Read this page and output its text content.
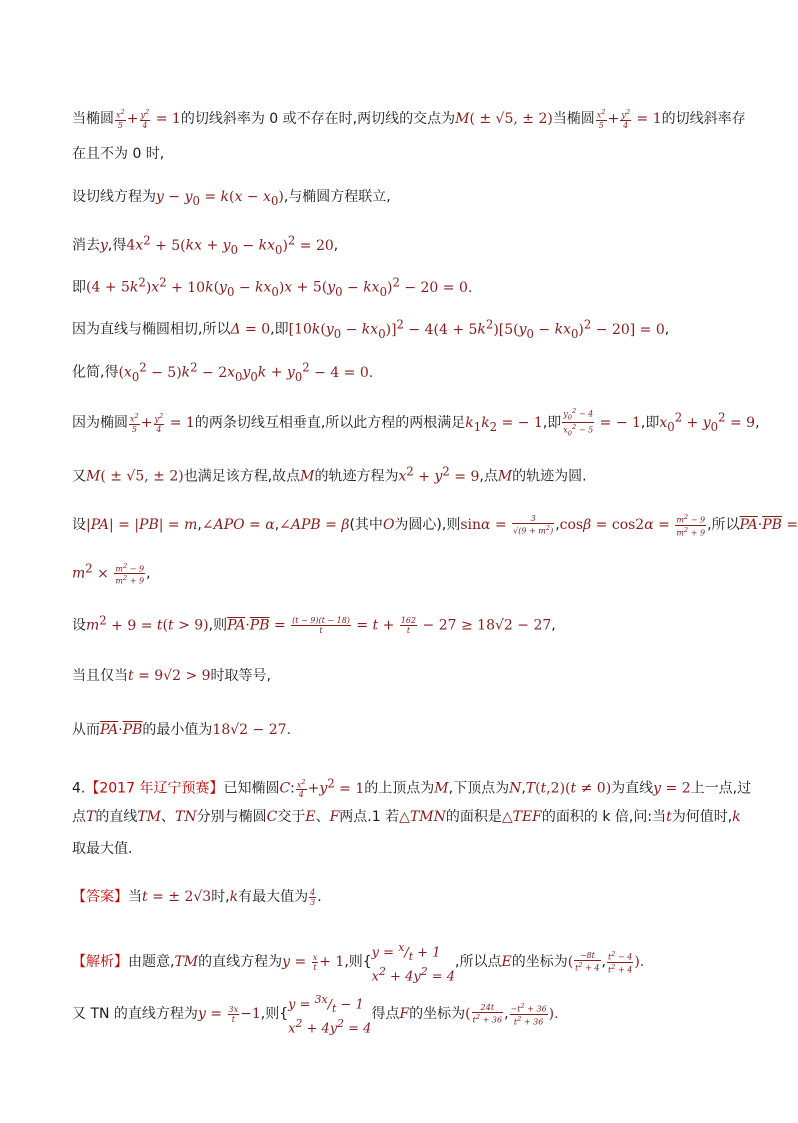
当椭圆 $\frac{x^2}{5} + \frac{y^2}{4} = 1$的切线斜率为 0 或不存在时,两切线的交点为M( ± √5, ± 2)当椭圆 $\frac{x^2}{5} + \frac{y^2}{4} = 1$的切线斜率存
在且不为 0 时,
设切线方程为$y - y_0 = k(x - x_0)$,与椭圆方程联立,
消去y,得$4x^2 + 5(kx + y_0 - kx_0)^2 = 20$,
即$(4 + 5k^2)x^2 + 10k(y_0 - kx_0)x + 5(y_0 - kx_0)^2 - 20 = 0$.
因为直线与椭圆相切,所以Δ = 0,即$[10k(y_0 - kx_0)]^2 - 4(4 + 5k^2)[5(y_0 - kx_0)^2 - 20] = 0$,
化简,得$(x_0^2 - 5)k^2 - 2x_0y_0k + y_0^2 - 4 = 0$.
因为椭圆 $\frac{x^2}{5} + \frac{y^2}{4} = 1$的两条切线互相垂直,所以此方程的两根满足$k_1k_2$ = − 1,即 $\frac{y_0^2 - 4}{x_0^2 - 5}$ = − 1,即$x_0^2 + y_0^2 = 9$,
又M( ± √5, ± 2)也满足该方程,故点M的轨迹方程为$x^2 + y^2 = 9$,点M的轨迹为圆.
设|PA| = |PB| = m,∠APO = α,∠APB = β(其中O为圆心),则$\sin\alpha = \frac{3}{√(9 + m^2)} ,\cos\beta = \cos 2\alpha = \frac{m^2 - 9}{m^2 + 9}$ ,所以$\overline{PA}\cdot\overline{PB}$ =
$m^2 \times \frac{m^2 - 9}{m^2 + 9}$ ,
设$m^2 + 9 = t(t > 9)$,则$\overline{PA}\cdot\overline{PB} = \frac{(t - 9)(t - 18)}{t} = t + \frac{162}{t} - 27 \ge 18√2 - 27$,
当且仅当t = 9√2 > 9时取等号,
从而$\overline{PA}\cdot\overline{PB}$的最小值为18√2 − 27.
4.【2017 年辽宁预赛】已知椭圆C: $\frac{x^2}{4} +y^2 = 1$的上顶点为M,下顶点为N,T(t,2)(t ≠ 0)为直线y = 2上一点,过
点T的直线TM、TN分别与椭圆C交于E、F两点.1 若△TMN的面积是△TEF的面积的 k 倍,问:当t为何值时,k
取最大值.
【答案】当t = ± 2√3时,k有最大值为 $\frac{4}{3}$ .
【解析】由题意,TM的直线方程为$y = \frac{x}{t} + 1$,则{
$y = ^x/_t + 1$
$x^2 + 4y^2 = 4$
,所以点E的坐标为( $\frac{-8t}{t^2 + 4}$ , $\frac{t^2 - 4}{t^2 + 4}$ ).
又 TN 的直线方程为$y = \frac{3x}{t} -1$,则{
$y = ^{3x}/_t - 1$
$x^2 + 4y^2 = 4$
得点F的坐标为( $\frac{24t}{t^2 + 36}$ , $\frac{-t^2 + 36}{t^2 + 36}$ ).
